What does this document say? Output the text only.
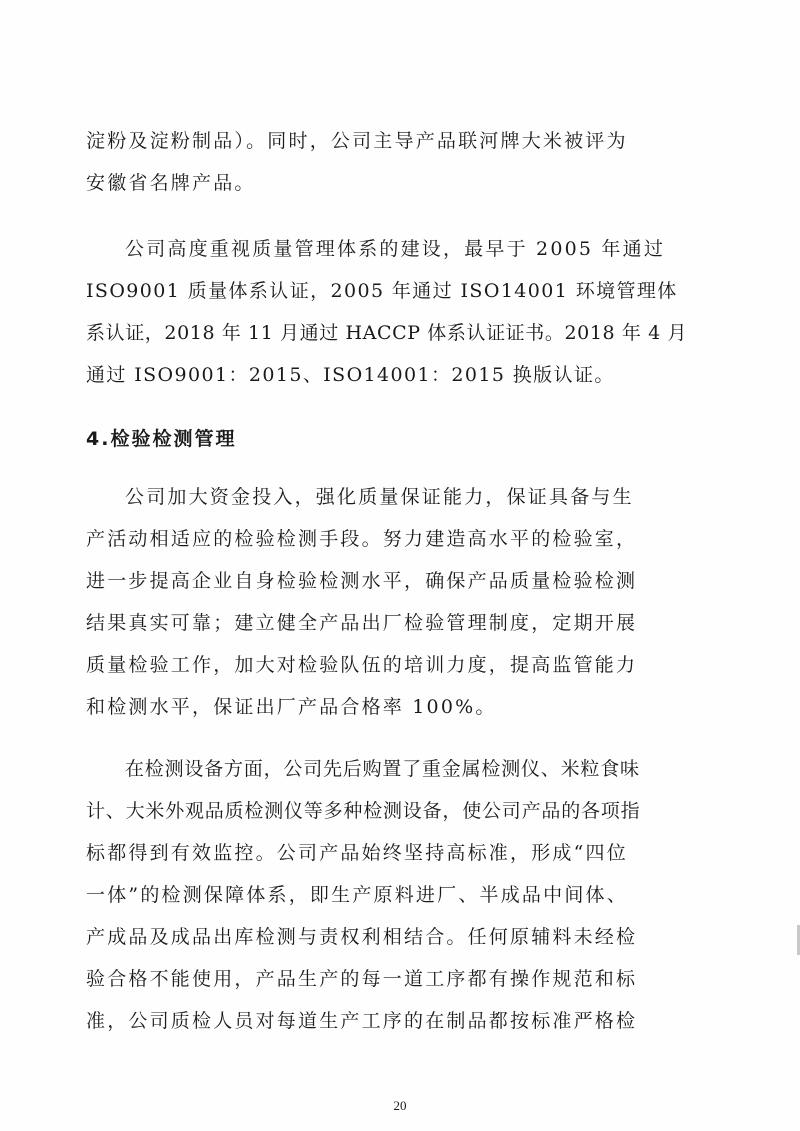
淀粉及淀粉制品）。同时，公司主导产品联河牌大米被评为
安徽省名牌产品。
公司高度重视质量管理体系的建设，最早于 2005 年通过
ISO9001 质量体系认证，2005 年通过 ISO14001 环境管理体
系认证，2018 年 11 月通过 HACCP 体系认证证书。2018 年 4 月
通过 ISO9001：2015、ISO14001：2015 换版认证。
4.检验检测管理
公司加大资金投入，强化质量保证能力，保证具备与生
产活动相适应的检验检测手段。努力建造高水平的检验室，
进一步提高企业自身检验检测水平，确保产品质量检验检测
结果真实可靠；建立健全产品出厂检验管理制度，定期开展
质量检验工作，加大对检验队伍的培训力度，提高监管能力
和检测水平，保证出厂产品合格率 100%。
在检测设备方面，公司先后购置了重金属检测仪、米粒食味
计、大米外观品质检测仪等多种检测设备，使公司产品的各项指
标都得到有效监控。公司产品始终坚持高标准，形成“四位
一体”的检测保障体系，即生产原料进厂、半成品中间体、
产成品及成品出库检测与责权利相结合。任何原辅料未经检
验合格不能使用，产品生产的每一道工序都有操作规范和标
准，公司质检人员对每道生产工序的在制品都按标准严格检
20
